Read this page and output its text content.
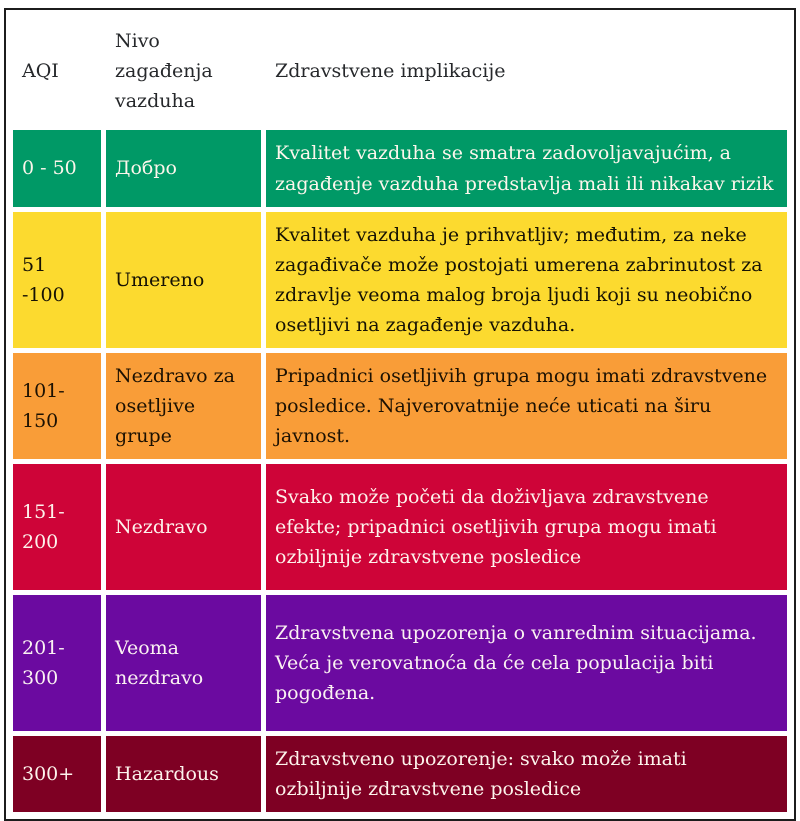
AQI	Nivo zagađenja vazduha	Zdravstvene implikacije
0 - 50	Добро	Kvalitet vazduha se smatra zadovoljavajućim, a zagađenje vazduha predstavlja mali ili nikakav rizik
51 -100	Umereno	Kvalitet vazduha je prihvatljiv; međutim, za neke zagađivače može postojati umerena zabrinutost za zdravlje veoma malog broja ljudi koji su neobično osetljivi na zagađenje vazduha.
101-150	Nezdravo za osetljive grupe	Pripadnici osetljivih grupa mogu imati zdravstvene posledice. Najverovatnije neće uticati na širu javnost.
151-200	Nezdravo	Svako može početi da doživljava zdravstvene efekte; pripadnici osetljivih grupa mogu imati ozbiljnije zdravstvene posledice
201-300	Veoma nezdravo	Zdravstvena upozorenja o vanrednim situacijama. Veća je verovatnoća da će cela populacija biti pogođena.
300+	Hazardous	Zdravstveno upozorenje: svako može imati ozbiljnije zdravstvene posledice
